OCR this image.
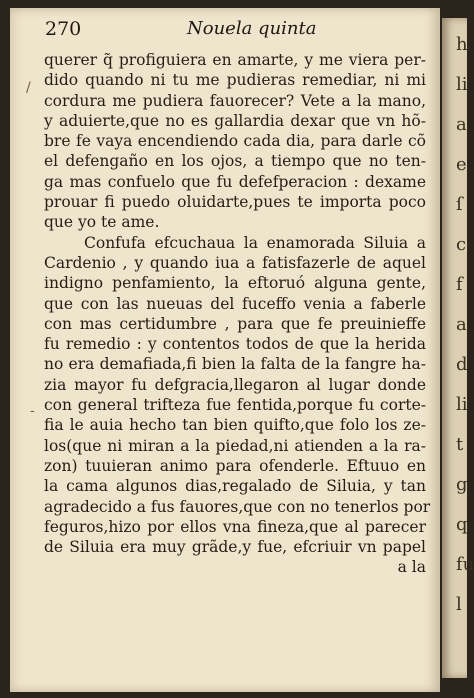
h
li
a
e
ſ
c
f
a
d
li
t
g
q
fu
l
270	Nouela quinta
querer q̃ profiguiera en amarte, y me viera per-
dido quando ni tu me pudieras remediar, ni mi
cordura me pudiera fauorecer? Vete a la mano,
y aduierte,que no es gallardia dexar que vn hõ-
bre fe vaya encendiendo cada dia, para darle cõ
el defengaño en los ojos, a tiempo que no ten-
ga mas confuelo que fu defefperacion : dexame
prouar fi puedo oluidarte,pues te importa poco
que yo te ame.
Confufa efcuchaua la enamorada Siluia a
Cardenio , y quando iua a fatisfazerle de aquel
indigno penfamiento, la eftoruó alguna gente,
que con las nueuas del fuceffo venia a faberle
con mas certidumbre , para que fe preuinieffe
fu remedio : y contentos todos de que la herida
no era demafiada,fi bien la falta de la fangre ha-
zia mayor fu defgracia,llegaron al lugar donde
con general trifteza fue fentida,porque fu corte-
fia le auia hecho tan bien quifto,que folo los ze-
los(que ni miran a la piedad,ni atienden a la ra-
zon) tuuieran animo para ofenderle. Eftuuo en
la cama algunos dias,regalado de Siluia, y tan
agradecido a fus fauores,que con no tenerlos por
feguros,hizo por ellos vna fineza,que al parecer
de Siluia era muy grãde,y fue, efcriuir vn papel
a la
/
-
